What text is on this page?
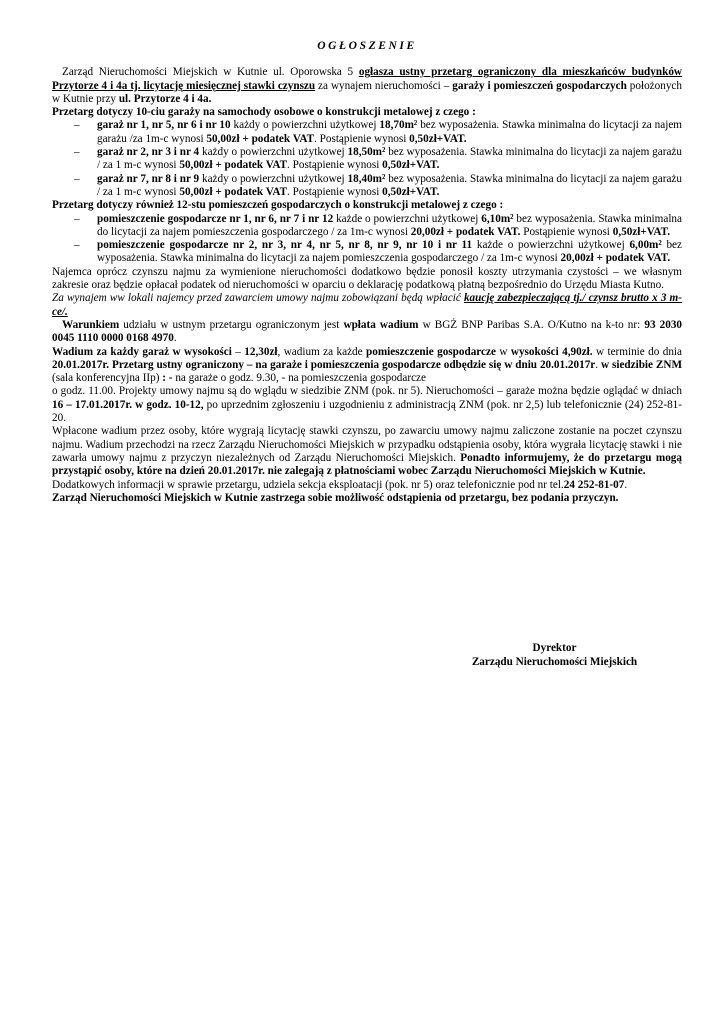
OGŁOSZENIE

Zarząd Nieruchomości Miejskich w Kutnie ul. Oporowska 5 ogłasza ustny przetarg ograniczony dla mieszkańców budynków Przytorze 4 i 4a tj. licytację miesięcznej stawki czynszu za wynajem nieruchomości – garaży i pomieszczeń gospodarczych położonych w Kutnie przy ul. Przytorze 4 i 4a.

Przetarg dotyczy 10-ciu garaży na samochody osobowe o konstrukcji metalowej z czego :

– garaż nr 1, nr 5, nr 6 i nr 10 każdy o powierzchni użytkowej 18,70m² bez wyposażenia. Stawka minimalna do licytacji za najem garażu /za 1m-c wynosi 50,00zł + podatek VAT. Postąpienie wynosi 0,50zł+VAT.
– garaż nr 2, nr 3 i nr 4 każdy o powierzchni użytkowej 18,50m² bez wyposażenia. Stawka minimalna do licytacji za najem garażu / za 1 m-c wynosi 50,00zł + podatek VAT. Postąpienie wynosi 0,50zł+VAT.
– garaż nr 7, nr 8 i nr 9 każdy o powierzchni użytkowej 18,40m² bez wyposażenia. Stawka minimalna do licytacji za najem garażu / za 1 m-c wynosi 50,00zł + podatek VAT. Postąpienie wynosi 0,50zł+VAT.

Przetarg dotyczy również 12-stu pomieszczeń gospodarczych o konstrukcji metalowej z czego :

– pomieszczenie gospodarcze nr 1, nr 6, nr 7 i nr 12 każde o powierzchni użytkowej 6,10m² bez wyposażenia. Stawka minimalna do licytacji za najem pomieszczenia gospodarczego / za 1m-c wynosi 20,00zł + podatek VAT. Postąpienie wynosi 0,50zł+VAT.
– pomieszczenie gospodarcze nr 2, nr 3, nr 4, nr 5, nr 8, nr 9, nr 10 i nr 11 każde o powierzchni użytkowej 6,00m² bez wyposażenia. Stawka minimalna do licytacji za najem pomieszczenia gospodarczego / za 1m-c wynosi 20,00zł + podatek VAT.

Najemca oprócz czynszu najmu za wymienione nieruchomości dodatkowo będzie ponosił koszty utrzymania czystości – we własnym zakresie oraz będzie opłacał podatek od nieruchomości w oparciu o deklarację podatkową płatną bezpośrednio do Urzędu Miasta Kutno.

Za wynajem ww lokali najemcy przed zawarciem umowy najmu zobowiązani będą wpłacić kaucję zabezpieczającą tj./ czynsz brutto x 3 m-ce/.

Warunkiem udziału w ustnym przetargu ograniczonym jest wpłata wadium w BGŻ BNP Paribas S.A. O/Kutno na k-to nr: 93 2030 0045 1110 0000 0168 4970.

Wadium za każdy garaż w wysokości – 12,30zł, wadium za każde pomieszczenie gospodarcze w wysokości 4,90zł. w terminie do dnia 20.01.2017r. Przetarg ustny ograniczony – na garaże i pomieszczenia gospodarcze odbędzie się w dniu 20.01.2017r. w siedzibie ZNM (sala konferencyjna IIp) : - na garaże o godz. 9.30, - na pomieszczenia gospodarcze

o godz. 11.00. Projekty umowy najmu są do wglądu w siedzibie ZNM (pok. nr 5). Nieruchomości – garaże można będzie oglądać w dniach 16 – 17.01.2017r. w godz. 10-12, po uprzednim zgłoszeniu i uzgodnieniu z administracją ZNM (pok. nr 2,5) lub telefonicznie (24) 252-81-20.

Wpłacone wadium przez osoby, które wygrają licytację stawki czynszu, po zawarciu umowy najmu zaliczone zostanie na poczet czynszu najmu. Wadium przechodzi na rzecz Zarządu Nieruchomości Miejskich w przypadku odstąpienia osoby, która wygrała licytację stawki i nie zawarła umowy najmu z przyczyn niezależnych od Zarządu Nieruchomości Miejskich. Ponadto informujemy, że do przetargu mogą przystąpić osoby, które na dzień 20.01.2017r. nie zalegają z płatnościami wobec Zarządu Nieruchomości Miejskich w Kutnie.

Dodatkowych informacji w sprawie przetargu, udziela sekcja eksploatacji (pok. nr 5) oraz telefonicznie pod nr tel.24 252-81-07.

Zarząd Nieruchomości Miejskich w Kutnie zastrzega sobie możliwość odstąpienia od przetargu, bez podania przyczyn.

Dyrektor
Zarządu Nieruchomości Miejskich
